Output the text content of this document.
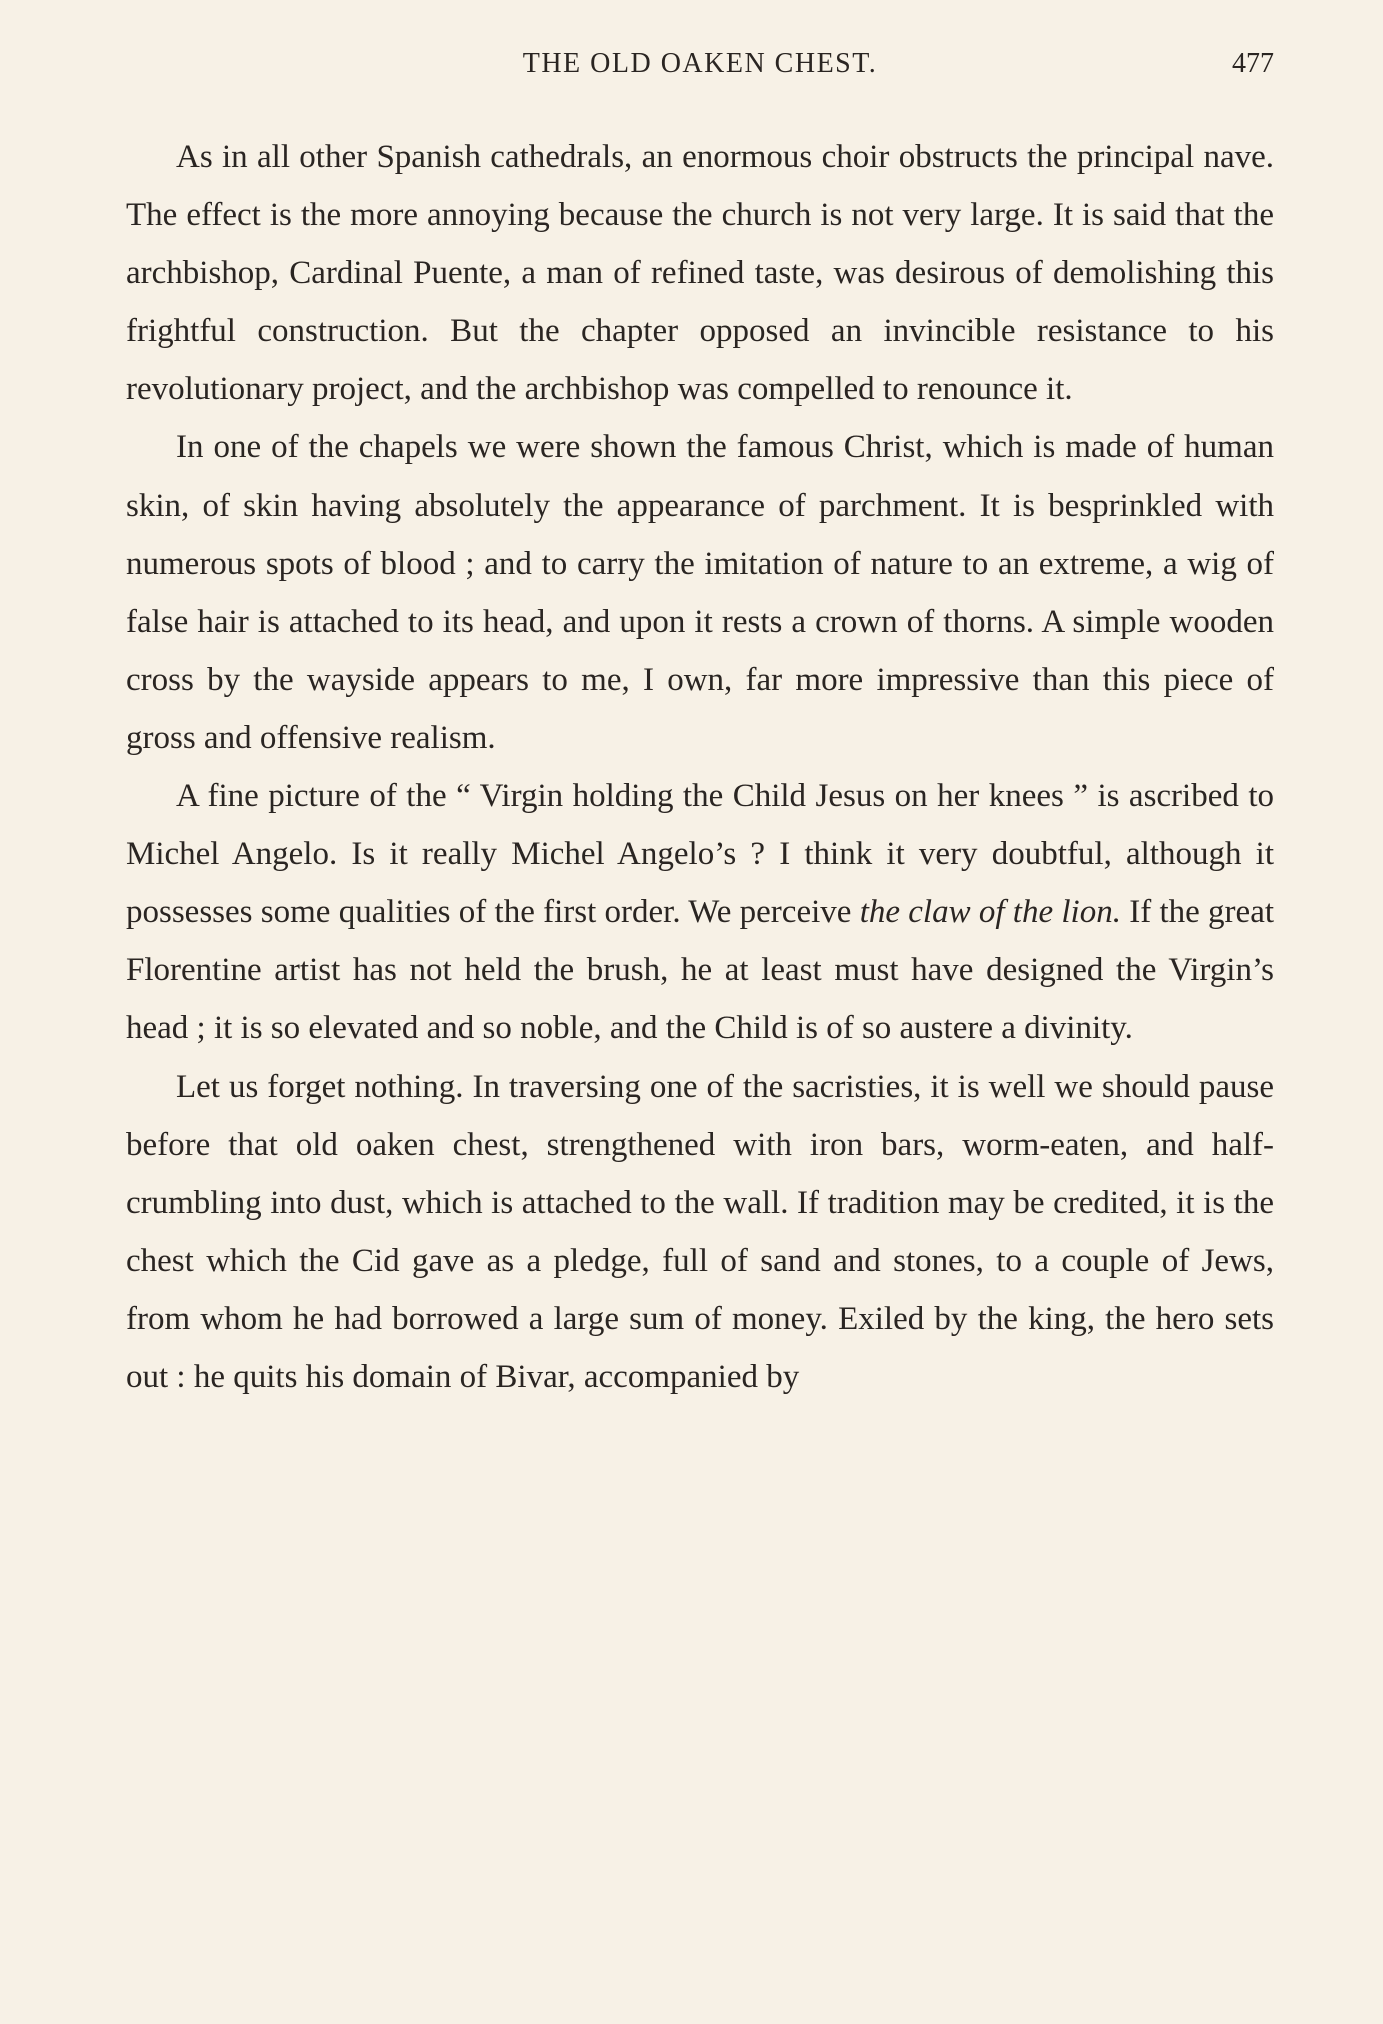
THE OLD OAKEN CHEST.	477

As in all other Spanish cathedrals, an enormous choir obstructs the principal nave. The effect is the more annoying because the church is not very large. It is said that the archbishop, Cardinal Puente, a man of refined taste, was desirous of demolishing this frightful construction. But the chapter opposed an invincible resistance to his revolutionary project, and the archbishop was compelled to renounce it.

In one of the chapels we were shown the famous Christ, which is made of human skin, of skin having absolutely the appearance of parchment. It is besprinkled with numerous spots of blood ; and to carry the imitation of nature to an extreme, a wig of false hair is attached to its head, and upon it rests a crown of thorns. A simple wooden cross by the wayside appears to me, I own, far more impressive than this piece of gross and offensive realism.

A fine picture of the “ Virgin holding the Child Jesus on her knees ” is ascribed to Michel Angelo. Is it really Michel Angelo’s ? I think it very doubtful, although it possesses some qualities of the first order. We perceive the claw of the lion. If the great Florentine artist has not held the brush, he at least must have designed the Virgin’s head ; it is so elevated and so noble, and the Child is of so austere a divinity.

Let us forget nothing. In traversing one of the sacristies, it is well we should pause before that old oaken chest, strengthened with iron bars, worm-eaten, and half-crumbling into dust, which is attached to the wall. If tradition may be credited, it is the chest which the Cid gave as a pledge, full of sand and stones, to a couple of Jews, from whom he had borrowed a large sum of money. Exiled by the king, the hero sets out : he quits his domain of Bivar, accompanied by
